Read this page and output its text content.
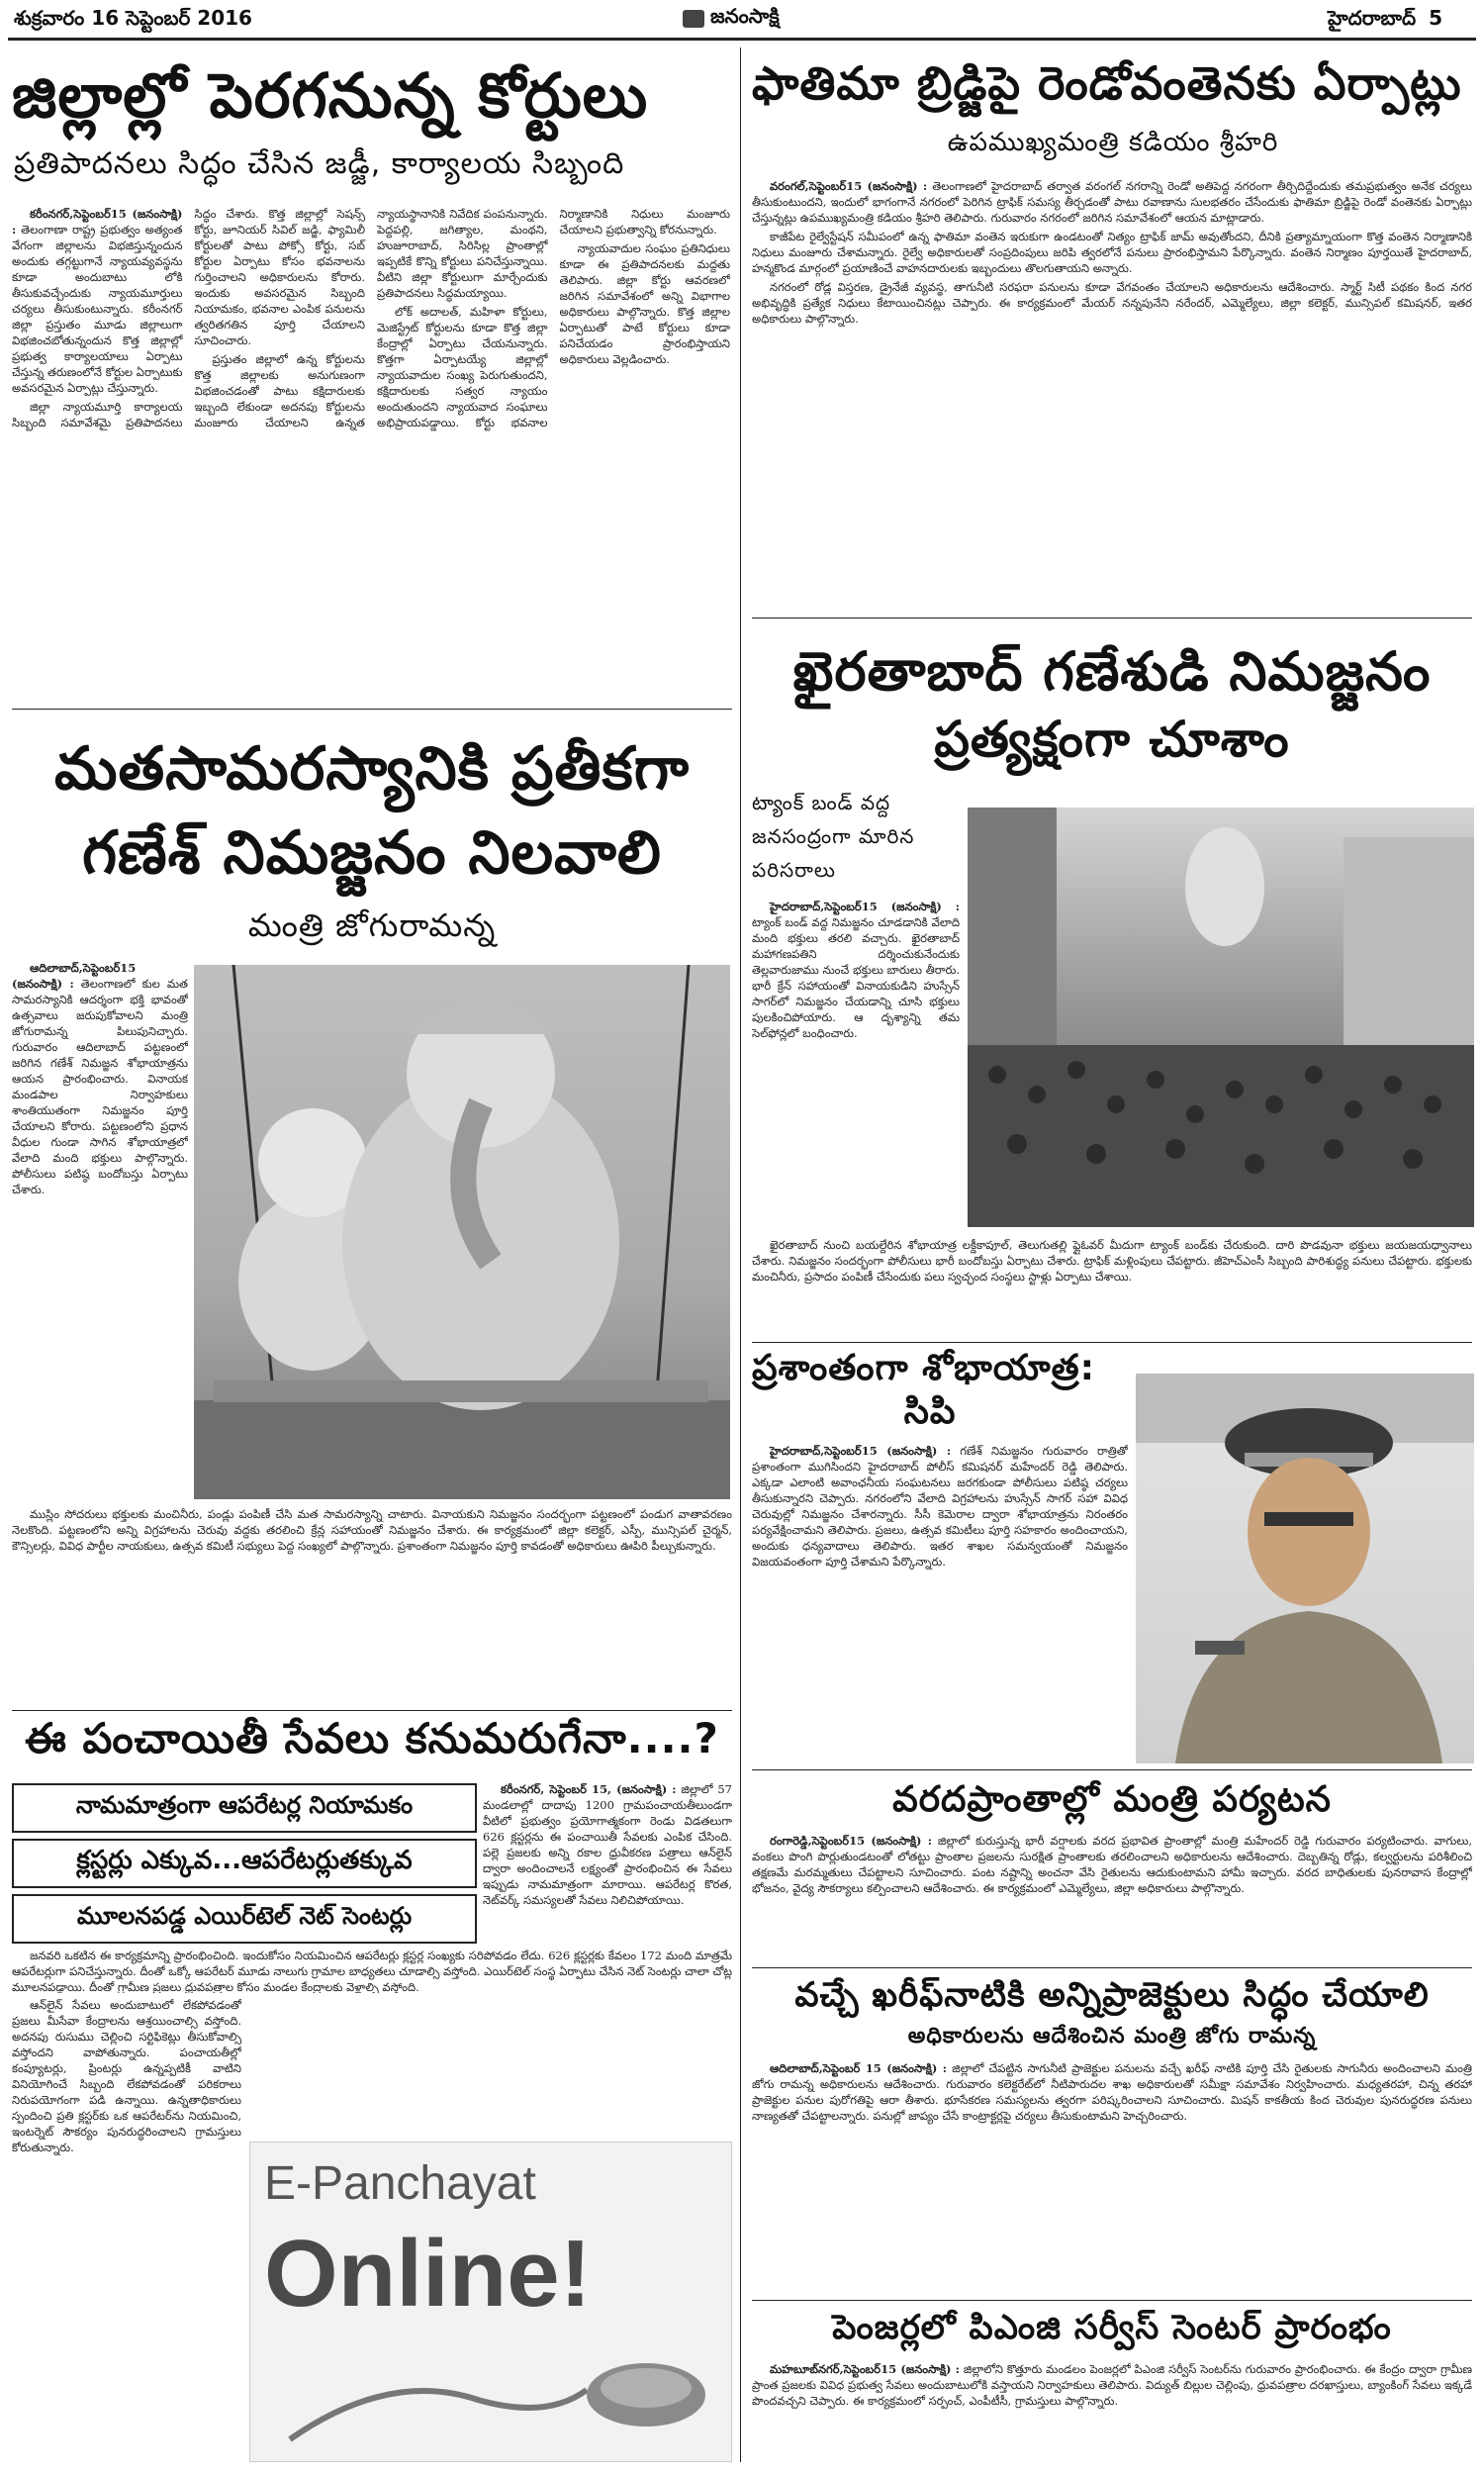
శుక్రవారం 16 సెప్టెంబర్ 2016	జనంసాక్షి	హైదరాబాద్ 5
జిల్లాల్లో పెరగనున్న కోర్టులు
ప్రతిపాదనలు సిద్ధం చేసిన జడ్జీ, కార్యాలయ సిబ్బంది

కరీంనగర్,సెప్టెంబర్15 (జనంసాక్షి) : తెలంగాణా రాష్ట్ర ప్రభుత్వం అత్యంత వేగంగా జిల్లాలను విభజిస్తున్నందున అందుకు తగ్గట్టుగానే న్యాయవ్యవస్థను కూడా అందుబాటు లోకి తీసుకువచ్చేందుకు న్యాయమూర్తులు చర్యలు తీసుకుంటున్నారు. కరీంనగర్ జిల్లా ప్రస్తుతం మూడు జిల్లాలుగా విభజించబోతున్నందున కొత్త జిల్లాల్లో ప్రభుత్వ కార్యాలయాలు ఏర్పాటు చేస్తున్న తరుణంలోనే కోర్టుల ఏర్పాటుకు అవసరమైన ఏర్పాట్లు చేస్తున్నారు.

జిల్లా న్యాయమూర్తి కార్యాలయ సిబ్బంది సమావేశమై ప్రతిపాదనలు సిద్ధం చేశారు. కొత్త జిల్లాల్లో సెషన్స్ కోర్టు, జూనియర్ సివిల్ జడ్జి, ఫ్యామిలీ కోర్టులతో పాటు పోక్సో కోర్టు, సబ్ కోర్టుల ఏర్పాటు కోసం భవనాలను గుర్తించాలని అధికారులను కోరారు. ఇందుకు అవసరమైన సిబ్బంది నియామకం, భవనాల ఎంపిక పనులను త్వరితగతిన పూర్తి చేయాలని సూచించారు.

ప్రస్తుతం జిల్లాలో ఉన్న కోర్టులను కొత్త జిల్లాలకు అనుగుణంగా విభజించడంతో పాటు కక్షిదారులకు ఇబ్బంది లేకుండా అదనపు కోర్టులను మంజూరు చేయాలని ఉన్నత న్యాయస్థానానికి నివేదిక పంపనున్నారు. పెద్దపల్లి, జగిత్యాల, మంథని, హుజూరాబాద్, సిరిసిల్ల ప్రాంతాల్లో ఇప్పటికే కొన్ని కోర్టులు పనిచేస్తున్నాయి. వీటిని జిల్లా కోర్టులుగా మార్చేందుకు ప్రతిపాదనలు సిద్ధమయ్యాయి.

లోక్ అదాలత్, మహిళా కోర్టులు, మెజిస్ట్రేట్ కోర్టులను కూడా కొత్త జిల్లా కేంద్రాల్లో ఏర్పాటు చేయనున్నారు. కొత్తగా ఏర్పాటయ్యే జిల్లాల్లో న్యాయవాదుల సంఖ్య పెరుగుతుందని, కక్షిదారులకు సత్వర న్యాయం అందుతుందని న్యాయవాద సంఘాలు అభిప్రాయపడ్డాయి. కోర్టు భవనాల నిర్మాణానికి నిధులు మంజూరు చేయాలని ప్రభుత్వాన్ని కోరనున్నారు.

న్యాయవాదుల సంఘం ప్రతినిధులు కూడా ఈ ప్రతిపాదనలకు మద్దతు తెలిపారు. జిల్లా కోర్టు ఆవరణలో జరిగిన సమావేశంలో అన్ని విభాగాల అధికారులు పాల్గొన్నారు. కొత్త జిల్లాల ఏర్పాటుతో పాటే కోర్టులు కూడా పనిచేయడం ప్రారంభిస్తాయని అధికారులు వెల్లడించారు.

ఫాతిమా బ్రిడ్జిపై రెండోవంతెనకు ఏర్పాట్లు
ఉపముఖ్యమంత్రి కడియం శ్రీహరి

వరంగల్,సెప్టెంబర్15 (జనంసాక్షి) : తెలంగాణలో హైదరాబాద్ తర్వాత వరంగల్ నగరాన్ని రెండో అతిపెద్ద నగరంగా తీర్చిదిద్దేందుకు తమప్రభుత్వం అనేక చర్యలు తీసుకుంటుందని, ఇందులో భాగంగానే నగరంలో పెరిగిన ట్రాఫిక్ సమస్య తీర్చడంతో పాటు రవాణాను సులభతరం చేసేందుకు ఫాతిమా బ్రిడ్జిపై రెండో వంతెనకు ఏర్పాట్లు చేస్తున్నట్లు ఉపముఖ్యమంత్రి కడియం శ్రీహరి తెలిపారు. గురువారం నగరంలో జరిగిన సమావేశంలో ఆయన మాట్లాడారు.

కాజీపేట రైల్వేస్టేషన్ సమీపంలో ఉన్న ఫాతిమా వంతెన ఇరుకుగా ఉండటంతో నిత్యం ట్రాఫిక్ జామ్ అవుతోందని, దీనికి ప్రత్యామ్నాయంగా కొత్త వంతెన నిర్మాణానికి నిధులు మంజూరు చేశామన్నారు. రైల్వే అధికారులతో సంప్రదింపులు జరిపి త్వరలోనే పనులు ప్రారంభిస్తామని పేర్కొన్నారు. వంతెన నిర్మాణం పూర్తయితే హైదరాబాద్, హన్మకొండ మార్గంలో ప్రయాణించే వాహనదారులకు ఇబ్బందులు తొలగుతాయని అన్నారు.

నగరంలో రోడ్ల విస్తరణ, డ్రైనేజీ వ్యవస్థ, తాగునీటి సరఫరా పనులను కూడా వేగవంతం చేయాలని అధికారులను ఆదేశించారు. స్మార్ట్ సిటీ పథకం కింద నగర అభివృద్ధికి ప్రత్యేక నిధులు కేటాయించినట్లు చెప్పారు. ఈ కార్యక్రమంలో మేయర్ నన్నపునేని నరేందర్, ఎమ్మెల్యేలు, జిల్లా కలెక్టర్, మున్సిపల్ కమిషనర్, ఇతర అధికారులు పాల్గొన్నారు.

మతసామరస్యానికి ప్రతీకగా
గణేశ్ నిమజ్జనం నిలవాలి
మంత్రి జోగురామన్న

ఆదిలాబాద్,సెప్టెంబర్15 (జనంసాక్షి) : తెలంగాణలో కుల మత సామరస్యానికి ఆదర్శంగా భక్తి భావంతో ఉత్సవాలు జరుపుకోవాలని మంత్రి జోగురామన్న పిలుపునిచ్చారు. గురువారం ఆదిలాబాద్ పట్టణంలో జరిగిన గణేశ్ నిమజ్జన శోభాయాత్రను ఆయన ప్రారంభించారు. వినాయక మండపాల నిర్వాహకులు శాంతియుతంగా నిమజ్జనం పూర్తి చేయాలని కోరారు. పట్టణంలోని ప్రధాన వీధుల గుండా సాగిన శోభాయాత్రలో వేలాది మంది భక్తులు పాల్గొన్నారు. పోలీసులు పటిష్ఠ బందోబస్తు ఏర్పాటు చేశారు.

ముస్లిం సోదరులు భక్తులకు మంచినీరు, పండ్లు పంపిణీ చేసి మత సామరస్యాన్ని చాటారు. వినాయకుని నిమజ్జనం సందర్భంగా పట్టణంలో పండుగ వాతావరణం నెలకొంది. పట్టణంలోని అన్ని విగ్రహాలను చెరువు వద్దకు తరలించి క్రేన్ల సహాయంతో నిమజ్జనం చేశారు. ఈ కార్యక్రమంలో జిల్లా కలెక్టర్, ఎస్పీ, మున్సిపల్ చైర్మన్, కౌన్సిలర్లు, వివిధ పార్టీల నాయకులు, ఉత్సవ కమిటీ సభ్యులు పెద్ద సంఖ్యలో పాల్గొన్నారు. ప్రశాంతంగా నిమజ్జనం పూర్తి కావడంతో అధికారులు ఊపిరి పీల్చుకున్నారు.

ఖైరతాబాద్ గణేశుడి నిమజ్జనం
ప్రత్యక్షంగా చూశాం
ట్యాంక్ బండ్ వద్ద జనసంద్రంగా మారిన పరిసరాలు

హైదరాబాద్,సెప్టెంబర్15 (జనంసాక్షి) : ట్యాంక్ బండ్ వద్ద నిమజ్జనం చూడడానికి వేలాది మంది భక్తులు తరలి వచ్చారు. ఖైరతాబాద్ మహాగణపతిని దర్శించుకునేందుకు తెల్లవారుజాము నుంచే భక్తులు బారులు తీరారు. భారీ క్రేన్ సహాయంతో వినాయకుడిని హుస్సేన్ సాగర్‌లో నిమజ్జనం చేయడాన్ని చూసి భక్తులు పులకించిపోయారు. ఆ దృశ్యాన్ని తమ సెల్‌ఫోన్లలో బంధించారు.

ఖైరతాబాద్ నుంచి బయల్దేరిన శోభాయాత్ర లక్డీకాపూల్, తెలుగుతల్లి ఫ్లైఓవర్ మీదుగా ట్యాంక్ బండ్‌కు చేరుకుంది. దారి పొడవునా భక్తులు జయజయధ్వానాలు చేశారు. నిమజ్జనం సందర్భంగా పోలీసులు భారీ బందోబస్తు ఏర్పాటు చేశారు. ట్రాఫిక్ మళ్లింపులు చేపట్టారు. జీహెచ్ఎంసీ సిబ్బంది పారిశుద్ధ్య పనులు చేపట్టారు. భక్తులకు మంచినీరు, ప్రసాదం పంపిణీ చేసేందుకు పలు స్వచ్ఛంద సంస్థలు స్టాళ్లు ఏర్పాటు చేశాయి.

ప్రశాంతంగా శోభాయాత్ర:
సిపి

హైదరాబాద్,సెప్టెంబర్15 (జనంసాక్షి) : గణేశ్ నిమజ్జనం గురువారం రాత్రితో ప్రశాంతంగా ముగిసిందని హైదరాబాద్ పోలీస్ కమిషనర్ మహేందర్ రెడ్డి తెలిపారు. ఎక్కడా ఎలాంటి అవాంఛనీయ సంఘటనలు జరగకుండా పోలీసులు పటిష్ఠ చర్యలు తీసుకున్నారని చెప్పారు. నగరంలోని వేలాది విగ్రహాలను హుస్సేన్ సాగర్ సహా వివిధ చెరువుల్లో నిమజ్జనం చేశారన్నారు. సీసీ కెమెరాల ద్వారా శోభాయాత్రను నిరంతరం పర్యవేక్షించామని తెలిపారు. ప్రజలు, ఉత్సవ కమిటీలు పూర్తి సహకారం అందించాయని, అందుకు ధన్యవాదాలు తెలిపారు. ఇతర శాఖల సమన్వయంతో నిమజ్జనం విజయవంతంగా పూర్తి చేశామని పేర్కొన్నారు.

వరదప్రాంతాల్లో మంత్రి పర్యటన

రంగారెడ్డి,సెప్టెంబర్15 (జనంసాక్షి) : జిల్లాలో కురుస్తున్న భారీ వర్షాలకు వరద ప్రభావిత ప్రాంతాల్లో మంత్రి మహేందర్ రెడ్డి గురువారం పర్యటించారు. వాగులు, వంకలు పొంగి పొర్లుతుండటంతో లోతట్టు ప్రాంతాల ప్రజలను సురక్షిత ప్రాంతాలకు తరలించాలని అధికారులను ఆదేశించారు. దెబ్బతిన్న రోడ్లు, కల్వర్టులను పరిశీలించి తక్షణమే మరమ్మతులు చేపట్టాలని సూచించారు. పంట నష్టాన్ని అంచనా వేసి రైతులను ఆదుకుంటామని హామీ ఇచ్చారు. వరద బాధితులకు పునరావాస కేంద్రాల్లో భోజనం, వైద్య సౌకర్యాలు కల్పించాలని ఆదేశించారు. ఈ కార్యక్రమంలో ఎమ్మెల్యేలు, జిల్లా అధికారులు పాల్గొన్నారు.

వచ్చే ఖరీఫ్‌నాటికి అన్నిప్రాజెక్టులు సిద్ధం చేయాలి
అధికారులను ఆదేశించిన మంత్రి జోగు రామన్న

ఆదిలాబాద్,సెప్టెంబర్ 15 (జనంసాక్షి) : జిల్లాలో చేపట్టిన సాగునీటి ప్రాజెక్టుల పనులను వచ్చే ఖరీఫ్ నాటికి పూర్తి చేసి రైతులకు సాగునీరు అందించాలని మంత్రి జోగు రామన్న అధికారులను ఆదేశించారు. గురువారం కలెక్టరేట్‌లో నీటిపారుదల శాఖ అధికారులతో సమీక్షా సమావేశం నిర్వహించారు. మధ్యతరహా, చిన్న తరహా ప్రాజెక్టుల పనుల పురోగతిపై ఆరా తీశారు. భూసేకరణ సమస్యలను త్వరగా పరిష్కరించాలని సూచించారు. మిషన్ కాకతీయ కింద చెరువుల పునరుద్ధరణ పనులు నాణ్యతతో చేపట్టాలన్నారు. పనుల్లో జాప్యం చేసే కాంట్రాక్టర్లపై చర్యలు తీసుకుంటామని హెచ్చరించారు.

పెంజర్లలో పిఎంజి సర్వీస్ సెంటర్ ప్రారంభం

మహబూబ్‌నగర్,సెప్టెంబర్15 (జనంసాక్షి) : జిల్లాలోని కొత్తూరు మండలం పెంజర్లలో పిఎంజి సర్వీస్ సెంటర్‌ను గురువారం ప్రారంభించారు. ఈ కేంద్రం ద్వారా గ్రామీణ ప్రాంత ప్రజలకు వివిధ ప్రభుత్వ సేవలు అందుబాటులోకి వస్తాయని నిర్వాహకులు తెలిపారు. విద్యుత్ బిల్లుల చెల్లింపు, ధ్రువపత్రాల దరఖాస్తులు, బ్యాంకింగ్ సేవలు ఇక్కడే పొందవచ్చని చెప్పారు. ఈ కార్యక్రమంలో సర్పంచ్, ఎంపీటీసీ, గ్రామస్తులు పాల్గొన్నారు.

ఈ పంచాయితీ సేవలు కనుమరుగేనా....?
నామమాత్రంగా ఆపరేటర్ల నియామకం
క్లస్టర్లు ఎక్కువ...ఆపరేటర్లుతక్కువ
మూలనపడ్డ ఎయిర్‌టెల్ నెట్ సెంటర్లు

కరీంనగర్, సెప్టెంబర్ 15, (జనంసాక్షి) : జిల్లాలో 57 మండలాల్లో దాదాపు 1200 గ్రామపంచాయతీలుండగా వీటిలో ప్రభుత్వం ప్రయోగాత్మకంగా రెండు విడతలుగా 626 క్లస్టర్లను ఈ పంచాయితీ సేవలకు ఎంపిక చేసింది. పల్లె ప్రజలకు అన్ని రకాల ధ్రువీకరణ పత్రాలు ఆన్‌లైన్ ద్వారా అందించాలనే లక్ష్యంతో ప్రారంభించిన ఈ సేవలు ఇప్పుడు నామమాత్రంగా మారాయి. ఆపరేటర్ల కొరత, నెట్‌వర్క్ సమస్యలతో సేవలు నిలిచిపోయాయి.

జనవరి ఒకటిన ఈ కార్యక్రమాన్ని ప్రారంభించింది. ఇందుకోసం నియమించిన ఆపరేటర్లు క్లస్టర్ల సంఖ్యకు సరిపోవడం లేదు. 626 క్లస్టర్లకు కేవలం 172 మంది మాత్రమే ఆపరేటర్లుగా పనిచేస్తున్నారు. దీంతో ఒక్కో ఆపరేటర్ మూడు నాలుగు గ్రామాల బాధ్యతలు చూడాల్సి వస్తోంది. ఎయిర్‌టెల్ సంస్థ ఏర్పాటు చేసిన నెట్ సెంటర్లు చాలా చోట్ల మూలనపడ్డాయి. దీంతో గ్రామీణ ప్రజలు ధ్రువపత్రాల కోసం మండల కేంద్రాలకు వెళ్లాల్సి వస్తోంది.

ఆన్‌లైన్ సేవలు అందుబాటులో లేకపోవడంతో ప్రజలు మీసేవా కేంద్రాలను ఆశ్రయించాల్సి వస్తోంది. అదనపు రుసుము చెల్లించి సర్టిఫికెట్లు తీసుకోవాల్సి వస్తోందని వాపోతున్నారు. పంచాయతీల్లో కంప్యూటర్లు, ప్రింటర్లు ఉన్నప్పటికీ వాటిని వినియోగించే సిబ్బంది లేకపోవడంతో పరికరాలు నిరుపయోగంగా పడి ఉన్నాయి. ఉన్నతాధికారులు స్పందించి ప్రతి క్లస్టర్‌కు ఒక ఆపరేటర్‌ను నియమించి, ఇంటర్నెట్ సౌకర్యం పునరుద్ధరించాలని గ్రామస్తులు కోరుతున్నారు.

E-Panchayat
Online!
